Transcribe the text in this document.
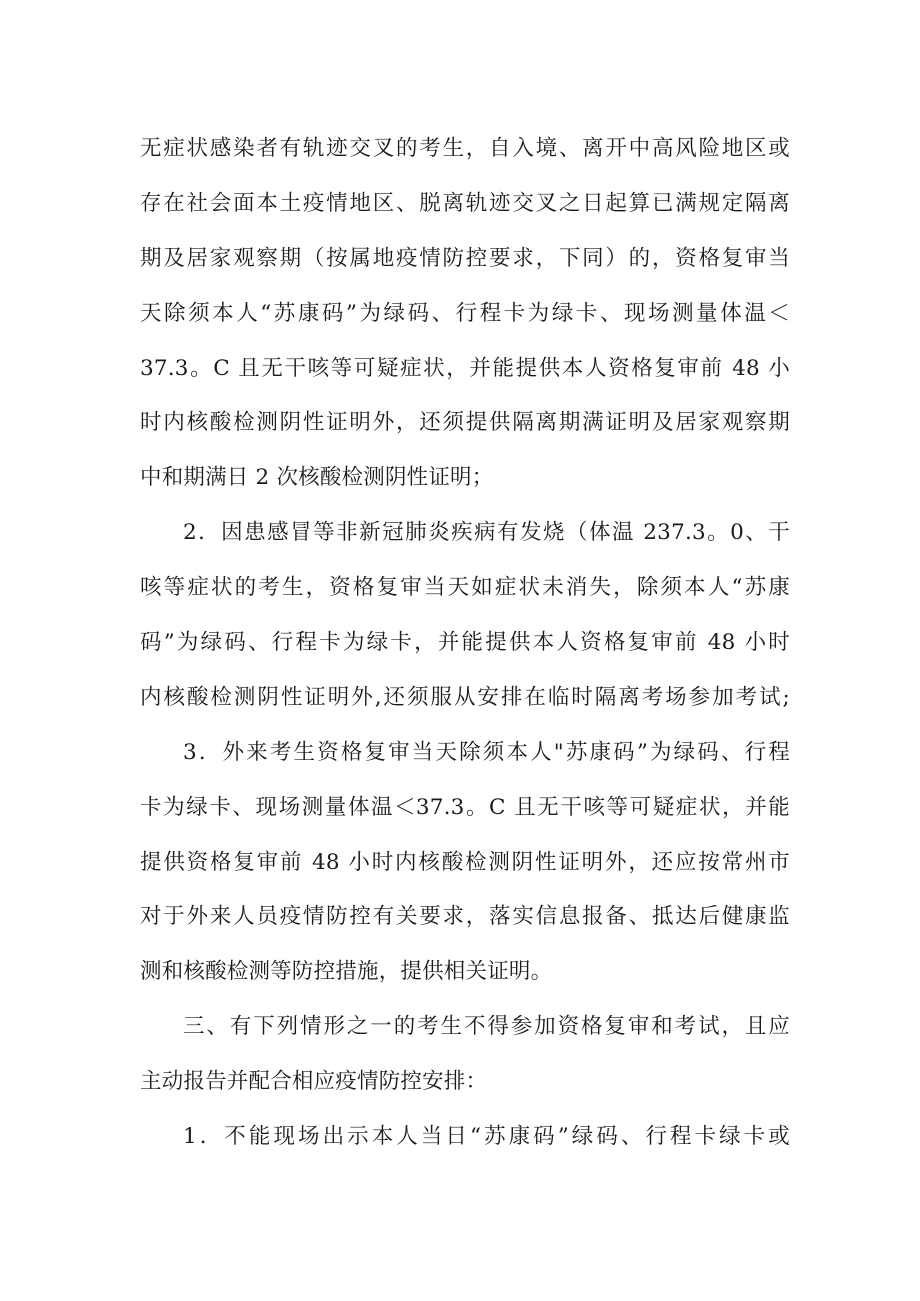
无症状感染者有轨迹交叉的考生，自入境、离开中高风险地区或
存在社会面本土疫情地区、脱离轨迹交叉之日起算已满规定隔离
期及居家观察期（按属地疫情防控要求，下同）的，资格复审当
天除须本人“苏康码”为绿码、行程卡为绿卡、现场测量体温＜
37.3。C 且无干咳等可疑症状，并能提供本人资格复审前 48 小
时内核酸检测阴性证明外，还须提供隔离期满证明及居家观察期
中和期满日 2 次核酸检测阴性证明；
2．因患感冒等非新冠肺炎疾病有发烧（体温 237.3。0、干
咳等症状的考生，资格复审当天如症状未消失，除须本人“苏康
码”为绿码、行程卡为绿卡，并能提供本人资格复审前 48 小时
内核酸检测阴性证明外,还须服从安排在临时隔离考场参加考试;
3．外来考生资格复审当天除须本人"苏康码”为绿码、行程
卡为绿卡、现场测量体温＜37.3。C 且无干咳等可疑症状，并能
提供资格复审前 48 小时内核酸检测阴性证明外，还应按常州市
对于外来人员疫情防控有关要求，落实信息报备、抵达后健康监
测和核酸检测等防控措施，提供相关证明。
三、有下列情形之一的考生不得参加资格复审和考试，且应
主动报告并配合相应疫情防控安排：
1．不能现场出示本人当日“苏康码”绿码、行程卡绿卡或
